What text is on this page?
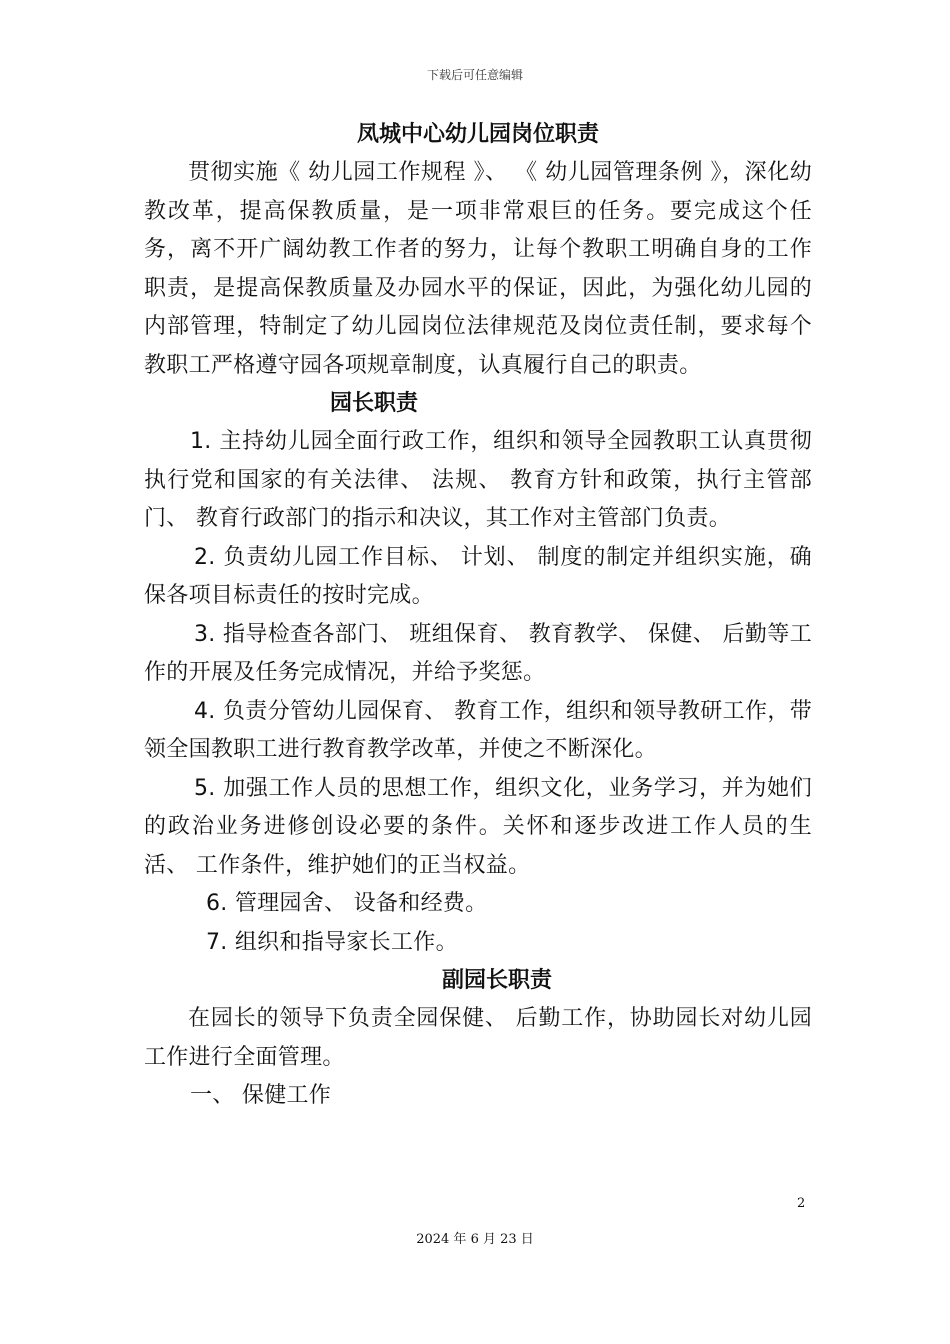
下载后可任意编辑
凤城中心幼儿园岗位职责

贯彻实施《 幼儿园工作规程 》、 《 幼儿园管理条例 》，深化幼教改革，提高保教质量，是一项非常艰巨的任务。要完成这个任务，离不开广阔幼教工作者的努力，让每个教职工明确自身的工作职责，是提高保教质量及办园水平的保证，因此，为强化幼儿园的内部管理，特制定了幼儿园岗位法律规范及岗位责任制，要求每个教职工严格遵守园各项规章制度，认真履行自己的职责。

园长职责

1. 主持幼儿园全面行政工作，组织和领导全园教职工认真贯彻执行党和国家的有关法律、 法规、 教育方针和政策，执行主管部门、 教育行政部门的指示和决议，其工作对主管部门负责。

2. 负责幼儿园工作目标、 计划、 制度的制定并组织实施，确保各项目标责任的按时完成。

3. 指导检查各部门、 班组保育、 教育教学、 保健、 后勤等工作的开展及任务完成情况，并给予奖惩。

4. 负责分管幼儿园保育、 教育工作，组织和领导教研工作，带领全国教职工进行教育教学改革，并使之不断深化。

5. 加强工作人员的思想工作，组织文化，业务学习，并为她们的政治业务进修创设必要的条件。关怀和逐步改进工作人员的生活、 工作条件，维护她们的正当权益。

6. 管理园舍、 设备和经费。

7. 组织和指导家长工作。

副园长职责

在园长的领导下负责全园保健、 后勤工作，协助园长对幼儿园工作进行全面管理。

一、 保健工作

2
2024 年 6 月 23 日
